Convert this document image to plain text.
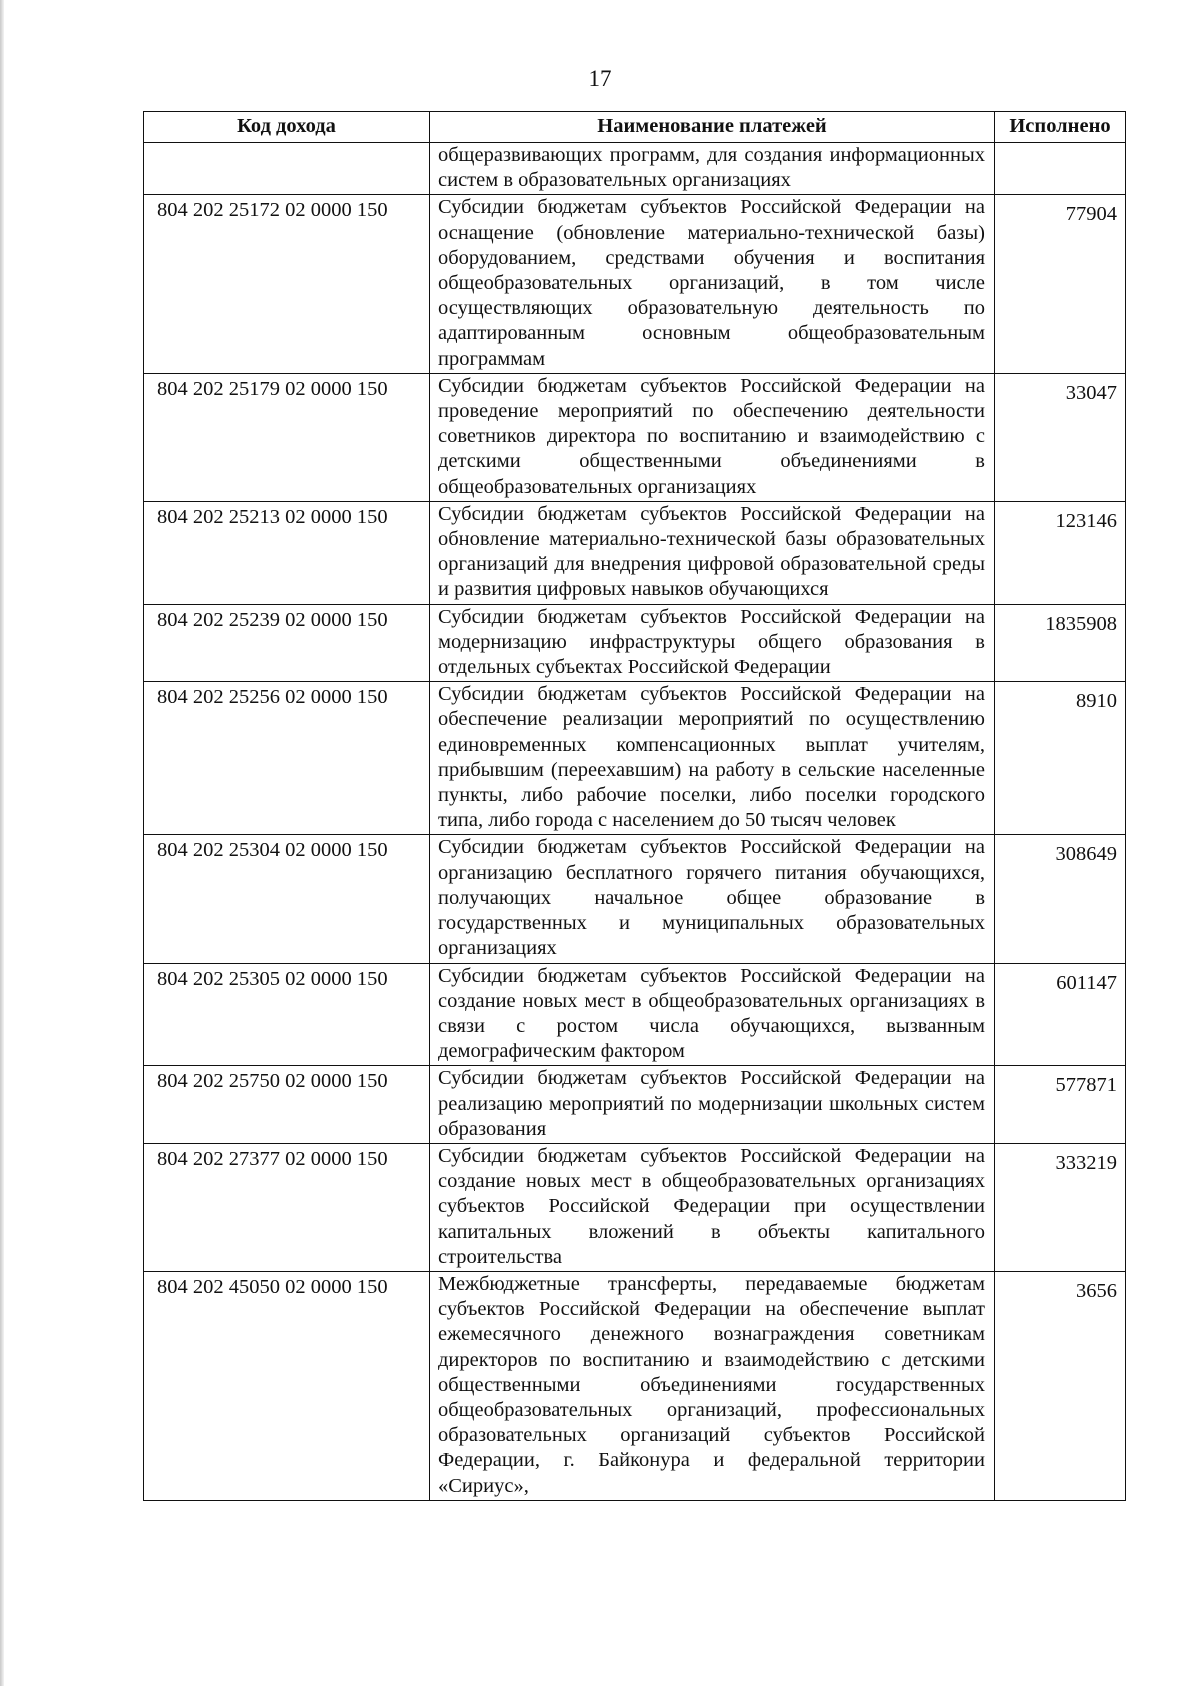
17
Код дохода	Наименование платежей	Исполнено

	общеразвивающих программ, для создания информационных систем в образовательных организациях	

804 202 25172 02 0000 150	Субсидии бюджетам субъектов Российской Федерации на оснащение (обновление материально-технической базы) оборудованием, средствами обучения и воспитания общеобразовательных организаций, в том числе осуществляющих образовательную деятельность по адаптированным основным общеобразовательным программам	77904
804 202 25179 02 0000 150	Субсидии бюджетам субъектов Российской Федерации на проведение мероприятий по обеспечению деятельности советников директора по воспитанию и взаимодействию с детскими общественными объединениями в общеобразовательных организациях	33047
804 202 25213 02 0000 150	Субсидии бюджетам субъектов Российской Федерации на обновление материально-технической базы образовательных организаций для внедрения цифровой образовательной среды и развития цифровых навыков обучающихся	123146
804 202 25239 02 0000 150	Субсидии бюджетам субъектов Российской Федерации на модернизацию инфраструктуры общего образования в отдельных субъектах Российской Федерации	1835908
804 202 25256 02 0000 150	Субсидии бюджетам субъектов Российской Федерации на обеспечение реализации мероприятий по осуществлению единовременных компенсационных выплат учителям, прибывшим (переехавшим) на работу в сельские населенные пункты, либо рабочие поселки, либо поселки городского типа, либо города с населением до 50 тысяч человек	8910
804 202 25304 02 0000 150	Субсидии бюджетам субъектов Российской Федерации на организацию бесплатного горячего питания обучающихся, получающих начальное общее образование в государственных и муниципальных образовательных организациях	308649
804 202 25305 02 0000 150	Субсидии бюджетам субъектов Российской Федерации на создание новых мест в общеобразовательных организациях в связи с ростом числа обучающихся, вызванным демографическим фактором	601147
804 202 25750 02 0000 150	Субсидии бюджетам субъектов Российской Федерации на реализацию мероприятий по модернизации школьных систем образования	577871
804 202 27377 02 0000 150	Субсидии бюджетам субъектов Российской Федерации на создание новых мест в общеобразовательных организациях субъектов Российской Федерации при осуществлении капитальных вложений в объекты капитального строительства	333219
804 202 45050 02 0000 150	Межбюджетные трансферты, передаваемые бюджетам субъектов Российской Федерации на обеспечение выплат ежемесячного денежного вознаграждения советникам директоров по воспитанию и взаимодействию с детскими общественными объединениями государственных общеобразовательных организаций, профессиональных образовательных организаций субъектов Российской Федерации, г. Байконура и федеральной территории «Сириус»,	3656
